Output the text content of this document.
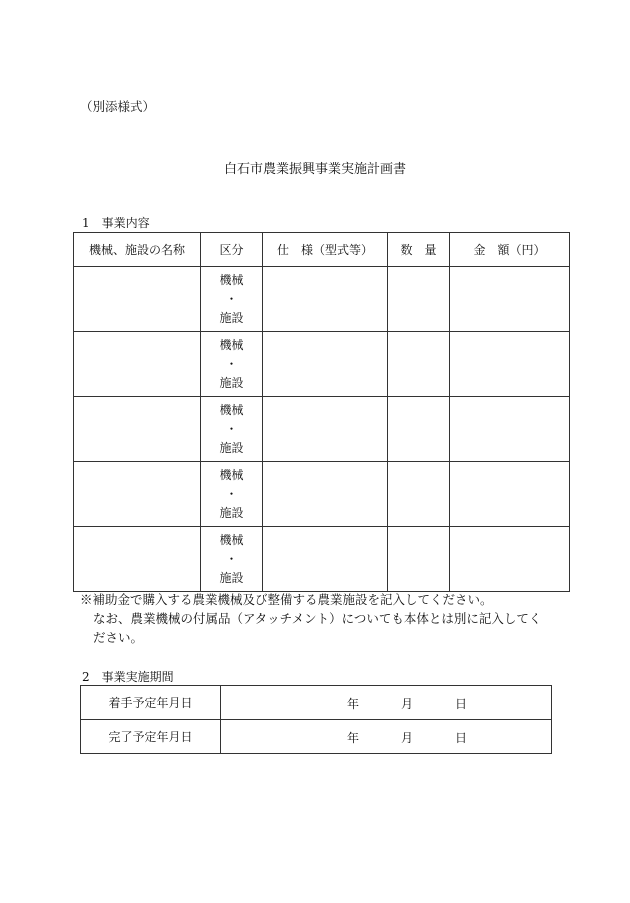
（別添様式）
白石市農業振興事業実施計画書
1　事業内容
機械、施設の名称	区分	仕　様（型式等）	数　量	金　額（円）

	機械
・
施設			

	機械
・
施設			

	機械
・
施設			

	機械
・
施設			

	機械
・
施設			

※補助金で購入する農業機械及び整備する農業施設を記入してください。
なお、農業機械の付属品（アタッチメント）についても本体とは別に記入してく
ださい。
2　事業実施期間
着手予定年月日	年 月 日

完了予定年月日	年 月 日
